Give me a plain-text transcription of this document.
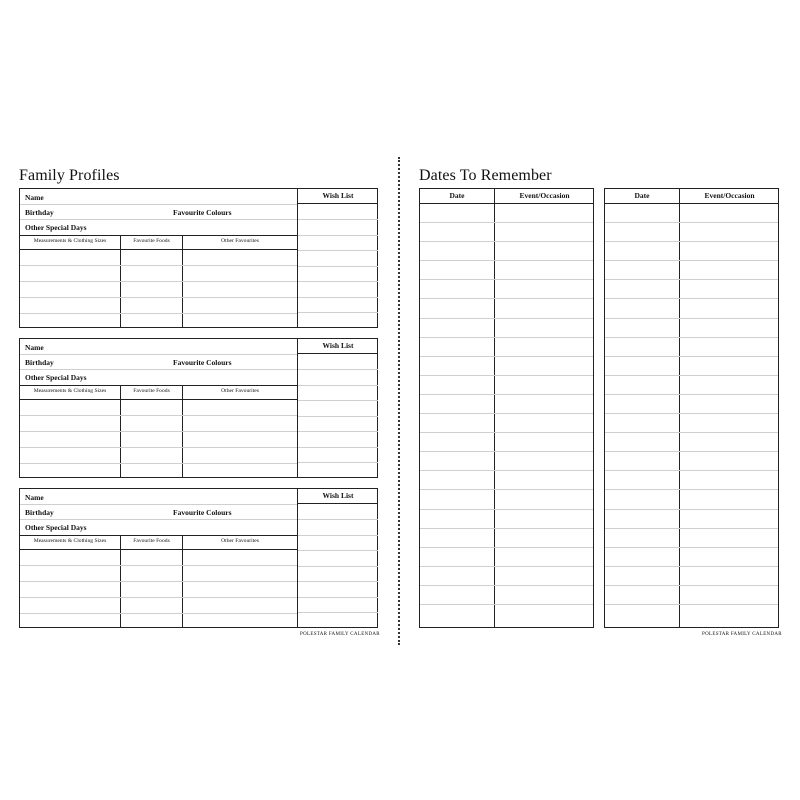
Family Profiles
Name
Birthday	Favourite Colours
Other Special Days
Wish List
Measurements & Clothing Sizes	Favourite Foods	Other Favourites
Name
Birthday	Favourite Colours
Other Special Days
Wish List
Measurements & Clothing Sizes	Favourite Foods	Other Favourites
Name
Birthday	Favourite Colours
Other Special Days
Wish List
Measurements & Clothing Sizes	Favourite Foods	Other Favourites
POLESTAR FAMILY CALENDAR
Dates To Remember
Date	Event/Occasion	Date	Event/Occasion
POLESTAR FAMILY CALENDAR
